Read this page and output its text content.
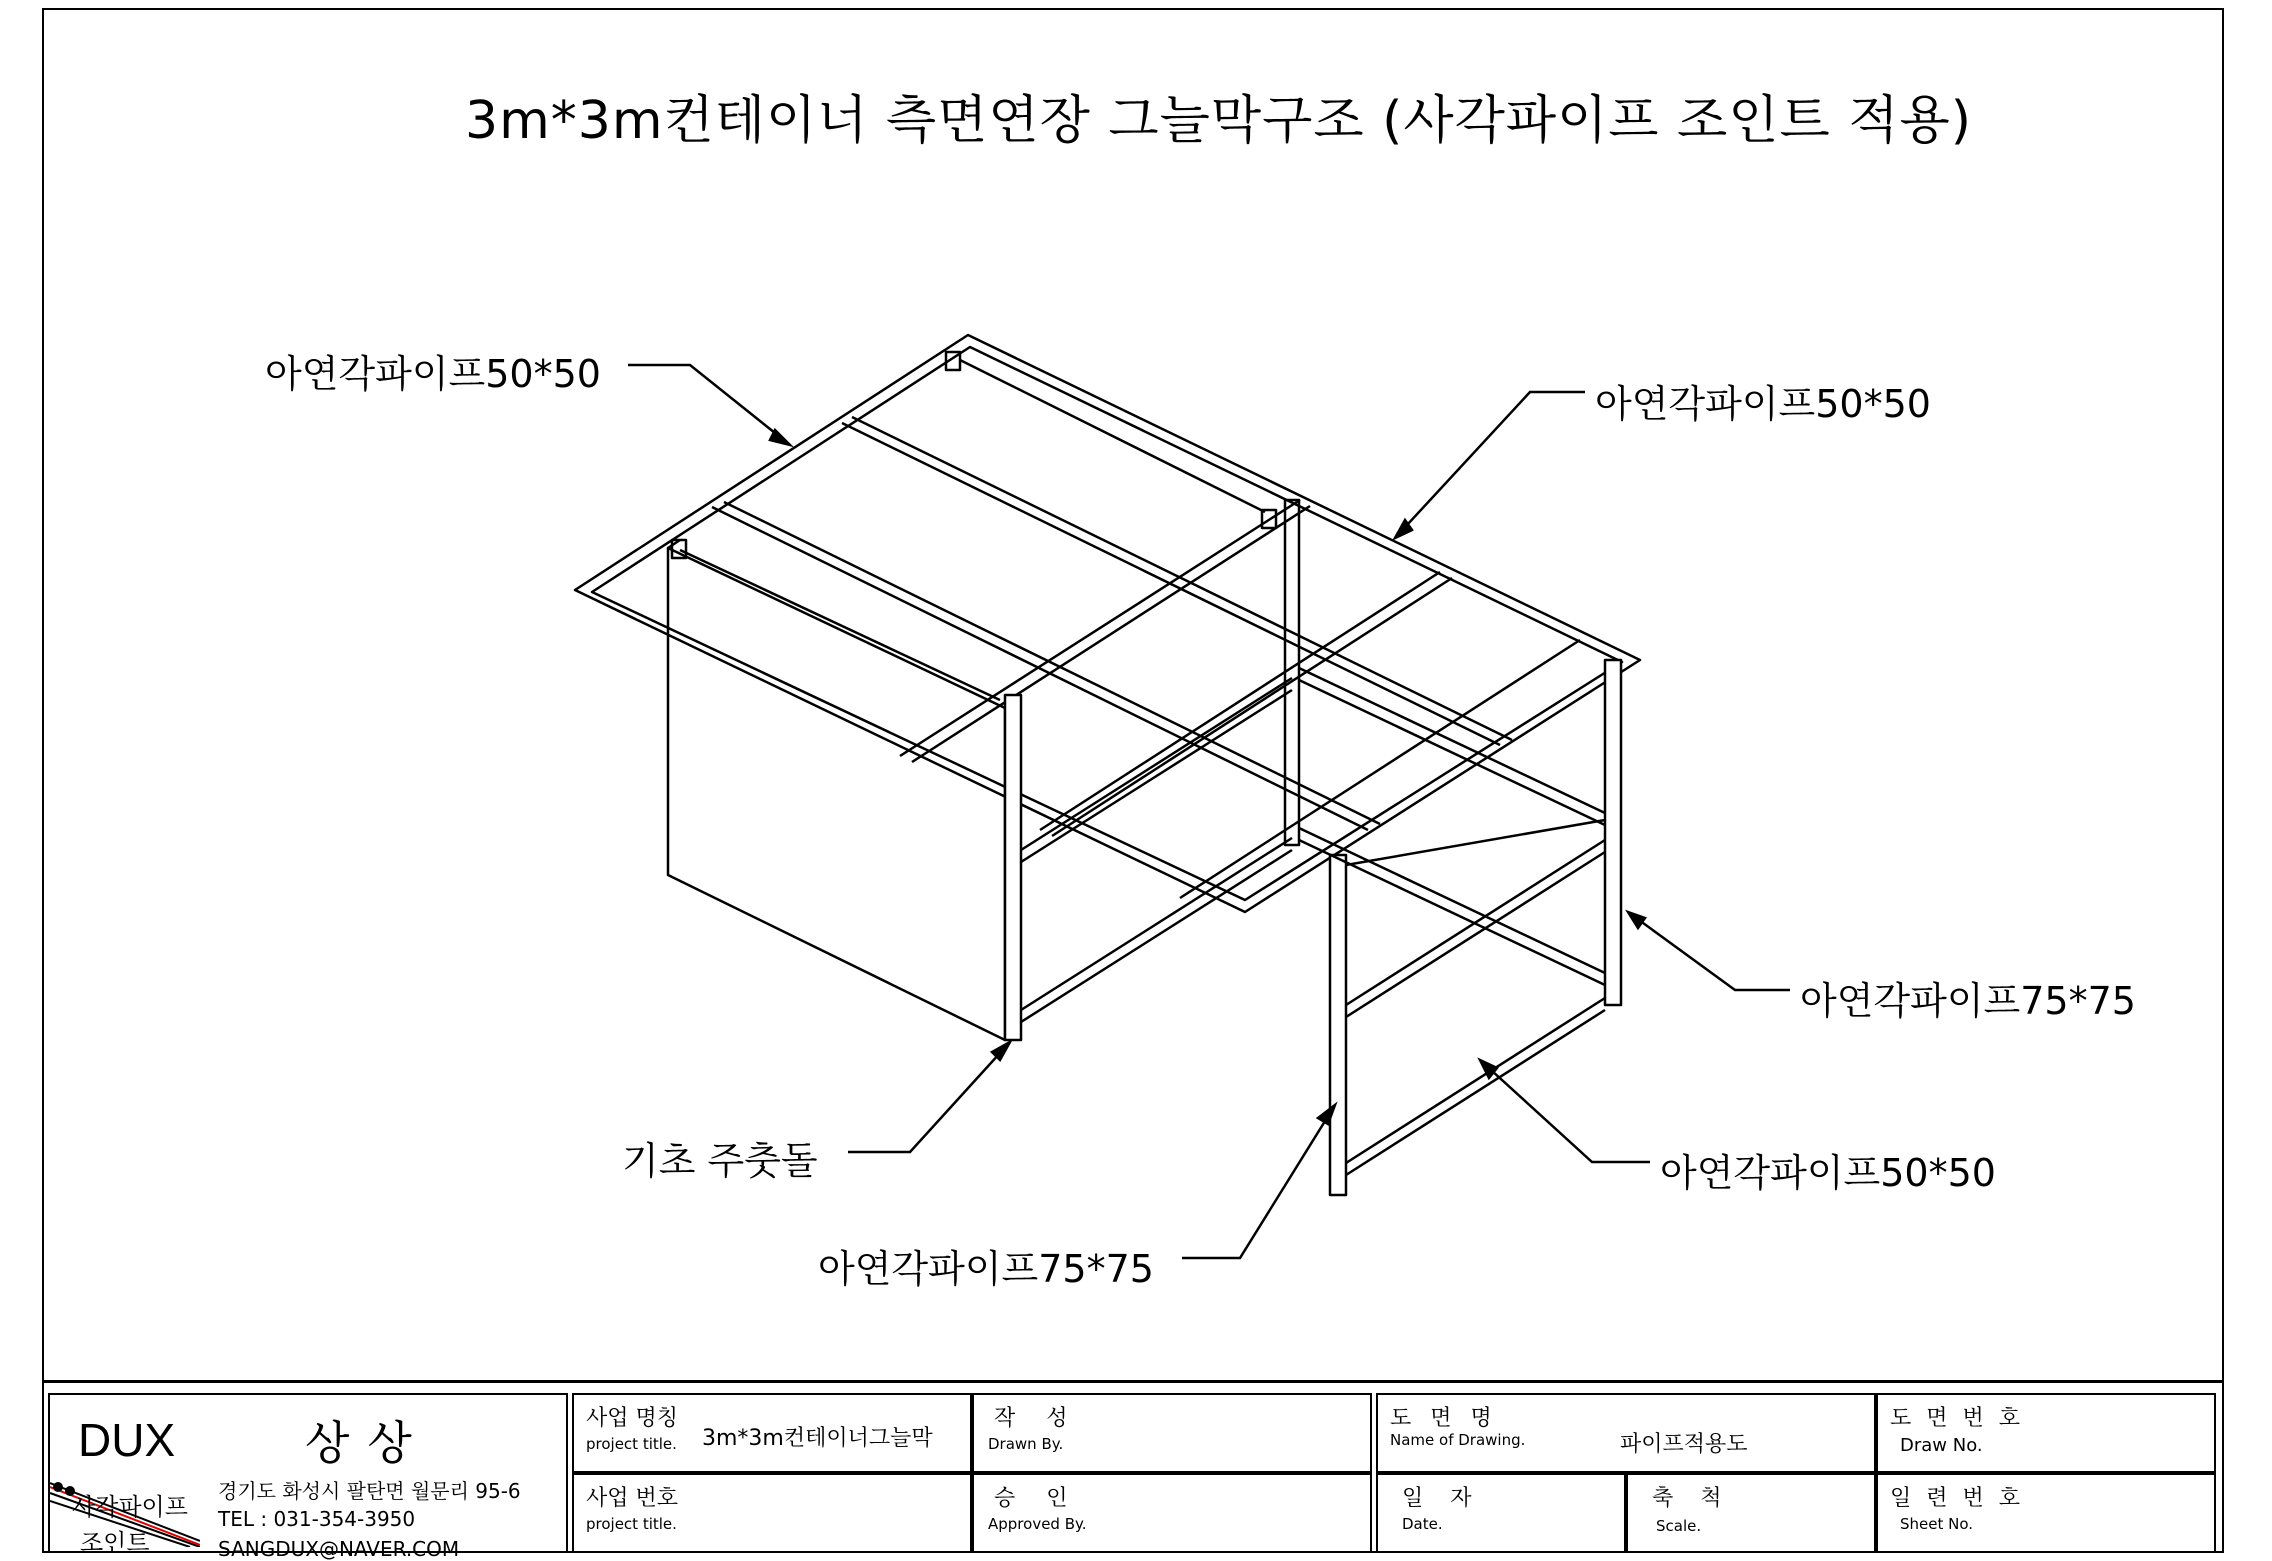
3m*3m컨테이너 측면연장 그늘막구조 (사각파이프 조인트 적용)
아연각파이프50*50
아연각파이프50*50
아연각파이프75*75
아연각파이프50*50
기초 주춧돌
아연각파이프75*75
DUX	상상
사각파이프
조인트
경기도 화성시 팔탄면 월문리 95-6
TEL : 031-354-3950
SANGDUX@NAVER.COM
사업 명칭
project title. 3m*3m컨테이너그늘막
사업 번호
project title.
작 성
Drawn By.
승 인
Approved By.
도 면 명
Name of Drawing.	파이프적용도
일 자
Date.
축 척
Scale.
도 면 번 호
Draw No.
일 련 번 호
Sheet No.
